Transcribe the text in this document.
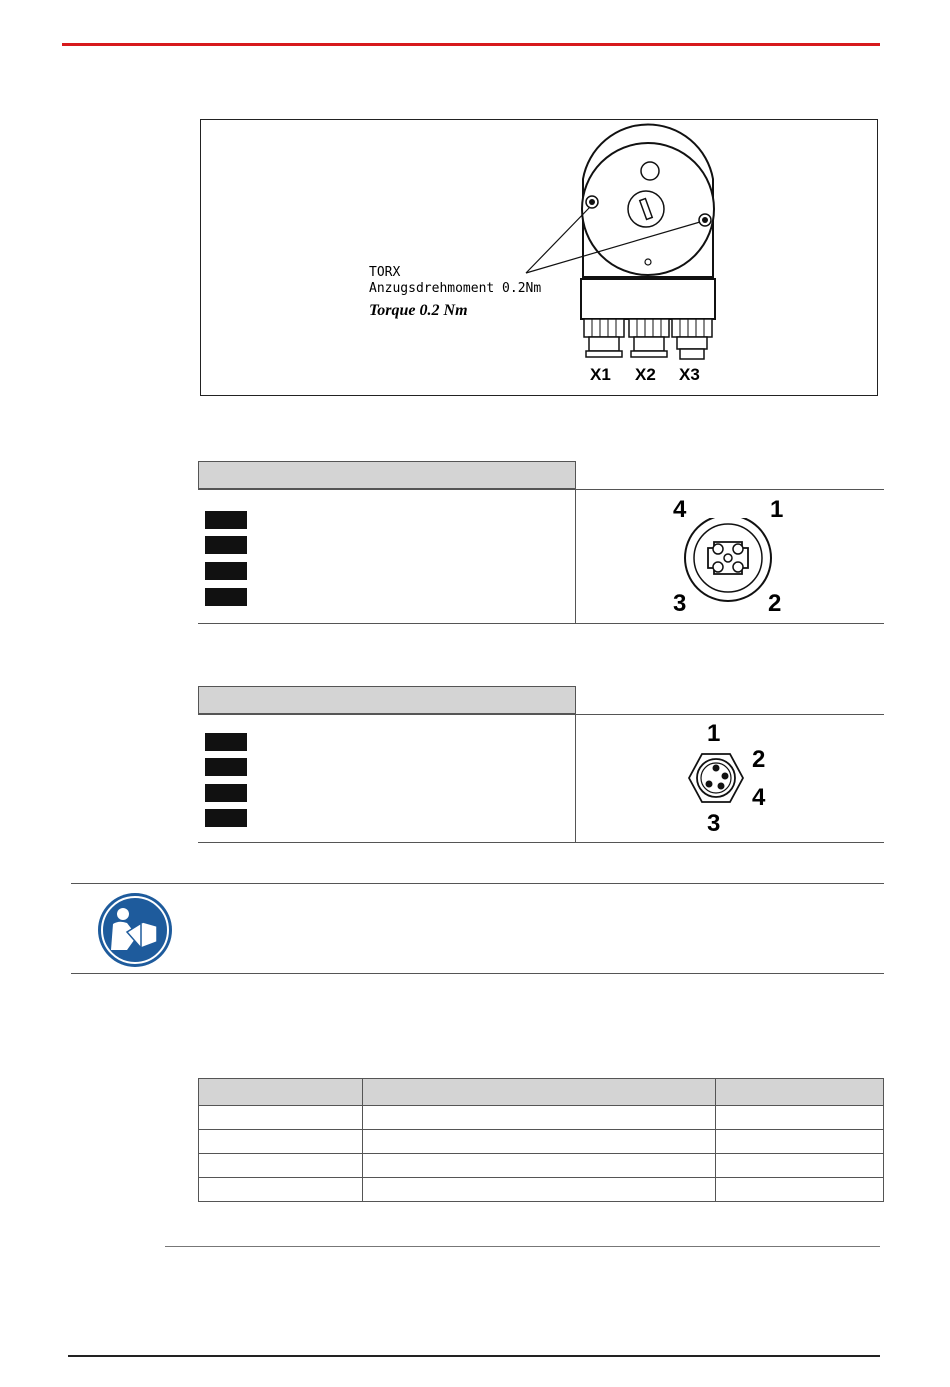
TORX
Anzugsdrehmoment 0.2Nm
Torque 0.2 Nm
X1 X2 X3
4	1
3	2
1
2
4
3
